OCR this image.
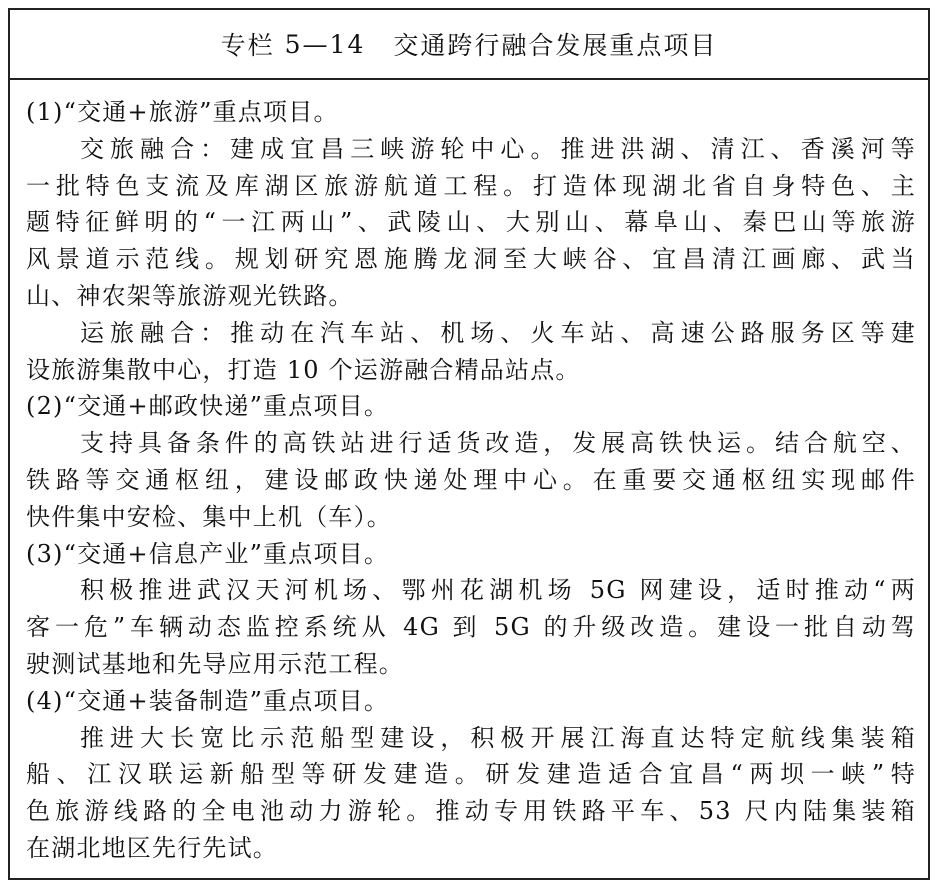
专栏 5—14 交通跨行融合发展重点项目
(1)“交通+旅游”重点项目。
交旅融合：建成宜昌三峡游轮中心。推进洪湖、清江、香溪河等
一批特色支流及库湖区旅游航道工程。打造体现湖北省自身特色、主
题特征鲜明的“一江两山”、武陵山、大别山、幕阜山、秦巴山等旅游
风景道示范线。规划研究恩施腾龙洞至大峡谷、宜昌清江画廊、武当
山、神农架等旅游观光铁路。
运旅融合：推动在汽车站、机场、火车站、高速公路服务区等建
设旅游集散中心，打造 10 个运游融合精品站点。
(2)“交通+邮政快递”重点项目。
支持具备条件的高铁站进行适货改造，发展高铁快运。结合航空、
铁路等交通枢纽，建设邮政快递处理中心。在重要交通枢纽实现邮件
快件集中安检、集中上机（车）。
(3)“交通+信息产业”重点项目。
积极推进武汉天河机场、鄂州花湖机场 5G 网建设，适时推动“两
客一危”车辆动态监控系统从 4G 到 5G 的升级改造。建设一批自动驾
驶测试基地和先导应用示范工程。
(4)“交通+装备制造”重点项目。
推进大长宽比示范船型建设，积极开展江海直达特定航线集装箱
船、江汉联运新船型等研发建造。研发建造适合宜昌“两坝一峡”特
色旅游线路的全电池动力游轮。推动专用铁路平车、53 尺内陆集装箱
在湖北地区先行先试。
